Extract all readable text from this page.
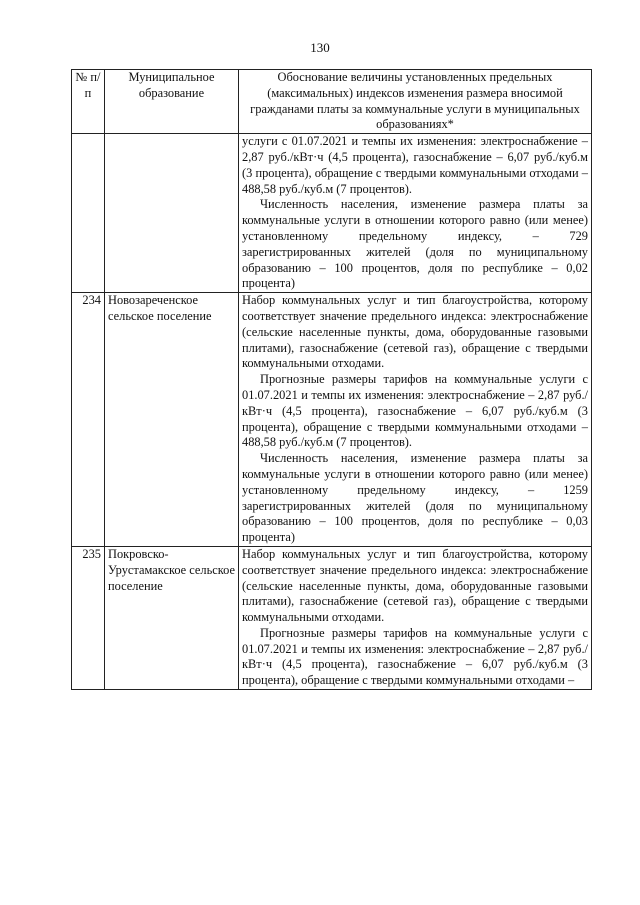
130
№ п/п	Муниципальное образование	Обоснование величины установленных предельных (максимальных) индексов изменения размера вносимой гражданами платы за коммунальные услуги в муниципальных образованиях*

		услуги с 01.07.2021 и темпы их изменения: электроснабжение – 2,87 руб./кВт·ч (4,5 процента), газоснабжение – 6,07 руб./куб.м (3 процента), обращение с твердыми коммунальными отходами – 488,58 руб./куб.м (7 процентов).

Численность населения, изменение размера платы за коммунальные услуги в отношении которого равно (или менее) установленному предельному индексу, – 729 зарегистрированных жителей (доля по муниципальному образованию – 100 процентов, доля по республике – 0,02 процента)

234	Новозареченское сельское поселение	Набор коммунальных услуг и тип благоустройства, которому соответствует значение предельного индекса: электроснабжение (сельские населенные пункты, дома, оборудованные газовыми плитами), газоснабжение (сетевой газ), обращение с твердыми коммунальными отходами.

Прогнозные размеры тарифов на коммунальные услуги с 01.07.2021 и темпы их изменения: электроснабжение – 2,87 руб./кВт·ч (4,5 процента), газоснабжение – 6,07 руб./куб.м (3 процента), обращение с твердыми коммунальными отходами – 488,58 руб./куб.м (7 процентов).

Численность населения, изменение размера платы за коммунальные услуги в отношении которого равно (или менее) установленному предельному индексу, – 1259 зарегистрированных жителей (доля по муниципальному образованию – 100 процентов, доля по республике – 0,03 процента)

235	Покровско-Урустамакское сельское поселение	Набор коммунальных услуг и тип благоустройства, которому соответствует значение предельного индекса: электроснабжение (сельские населенные пункты, дома, оборудованные газовыми плитами), газоснабжение (сетевой газ), обращение с твердыми коммунальными отходами.

Прогнозные размеры тарифов на коммунальные услуги с 01.07.2021 и темпы их изменения: электроснабжение – 2,87 руб./кВт·ч (4,5 процента), газоснабжение – 6,07 руб./куб.м (3 процента), обращение с твердыми коммунальными отходами –
